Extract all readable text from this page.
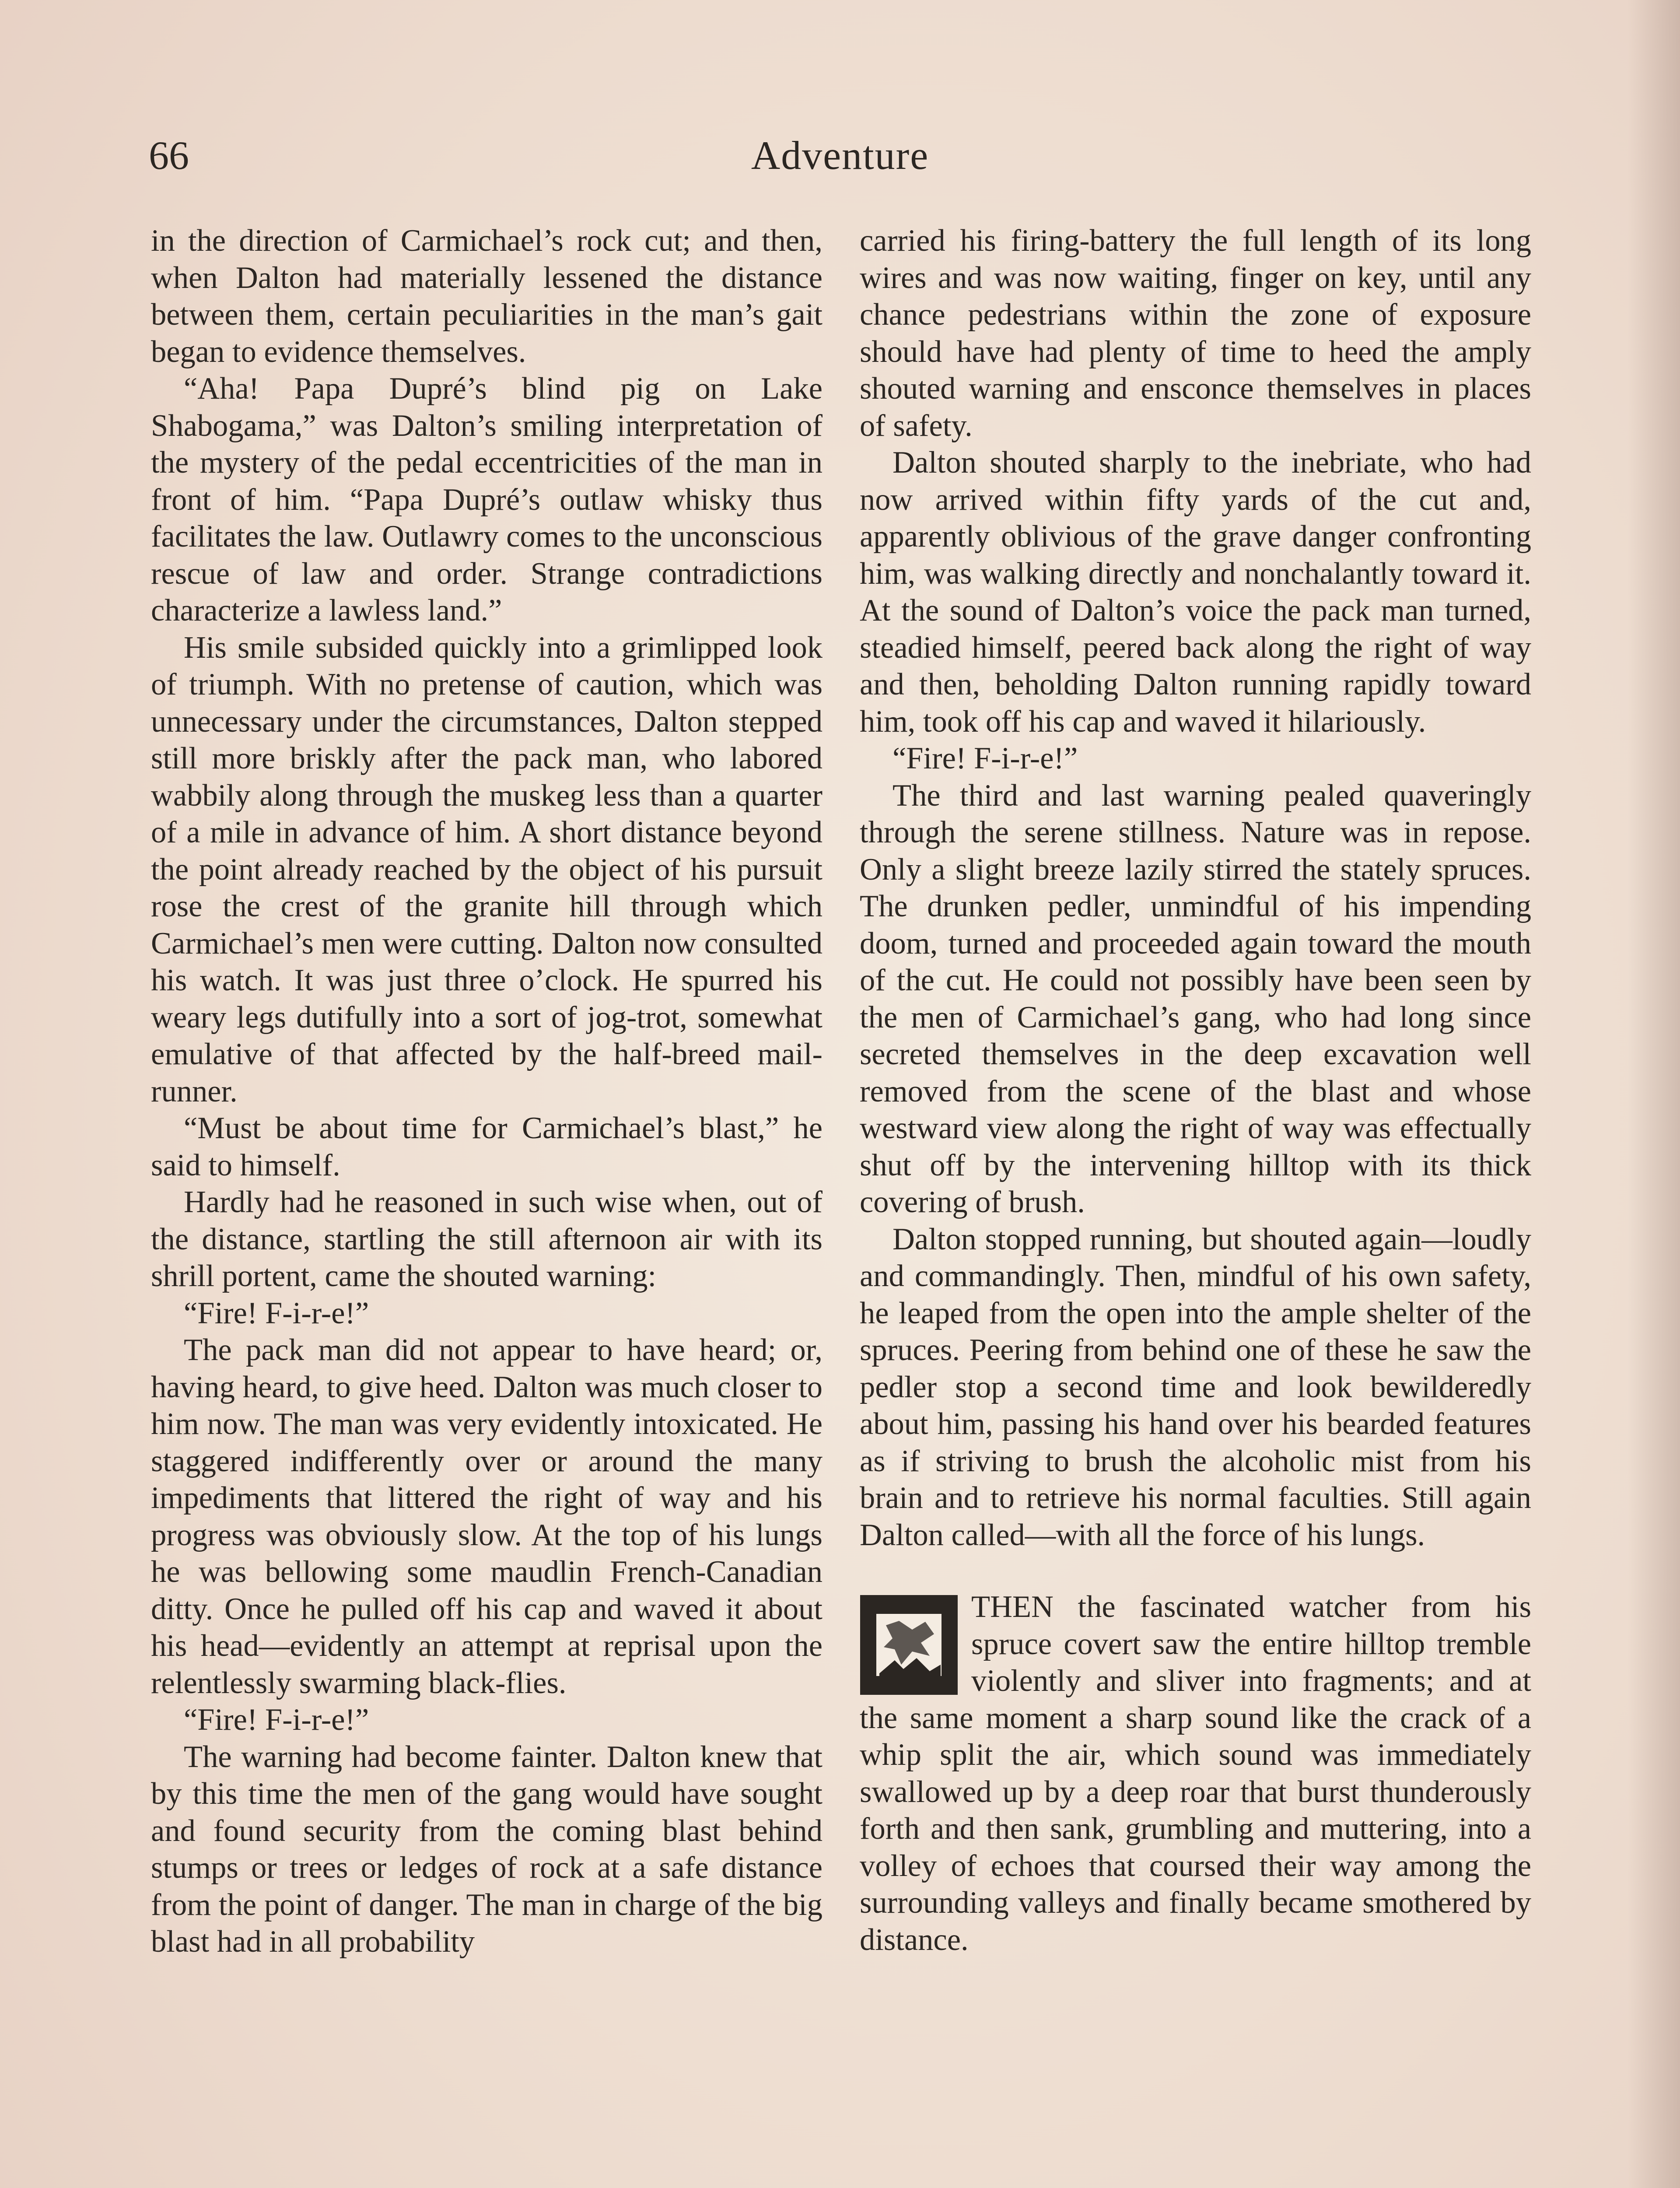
66	Adventure

in the direction of Carmichael’s rock cut; and then, when Dalton had materially lessened the distance between them, certain peculiarities in the man’s gait began to evidence themselves.

“Aha! Papa Dupré’s blind pig on Lake Shabogama,” was Dalton’s smiling interpretation of the mystery of the pedal eccentricities of the man in front of him. “Papa Dupré’s outlaw whisky thus facilitates the law. Outlawry comes to the unconscious rescue of law and order. Strange contradictions characterize a lawless land.”

His smile subsided quickly into a grimlipped look of triumph. With no pretense of caution, which was unnecessary under the circumstances, Dalton stepped still more briskly after the pack man, who labored wabbily along through the muskeg less than a quarter of a mile in advance of him. A short distance beyond the point already reached by the object of his pursuit rose the crest of the granite hill through which Carmichael’s men were cutting. Dalton now consulted his watch. It was just three o’clock. He spurred his weary legs dutifully into a sort of jog-trot, somewhat emulative of that affected by the half-breed mail-runner.

“Must be about time for Carmichael’s blast,” he said to himself.

Hardly had he reasoned in such wise when, out of the distance, startling the still afternoon air with its shrill portent, came the shouted warning:

“Fire! F-i-r-e!”

The pack man did not appear to have heard; or, having heard, to give heed. Dalton was much closer to him now. The man was very evidently intoxicated. He staggered indifferently over or around the many impediments that littered the right of way and his progress was obviously slow. At the top of his lungs he was bellowing some maudlin French-Canadian ditty. Once he pulled off his cap and waved it about his head—evidently an attempt at reprisal upon the relentlessly swarming black-flies.

“Fire! F-i-r-e!”

The warning had become fainter. Dalton knew that by this time the men of the gang would have sought and found security from the coming blast behind stumps or trees or ledges of rock at a safe distance from the point of danger. The man in charge of the big blast had in all probability

carried his firing-battery the full length of its long wires and was now waiting, finger on key, until any chance pedestrians within the zone of exposure should have had plenty of time to heed the amply shouted warning and ensconce themselves in places of safety.

Dalton shouted sharply to the inebriate, who had now arrived within fifty yards of the cut and, apparently oblivious of the grave danger confronting him, was walking directly and nonchalantly toward it. At the sound of Dalton’s voice the pack man turned, steadied himself, peered back along the right of way and then, beholding Dalton running rapidly toward him, took off his cap and waved it hilariously.

“Fire! F-i-r-e!”

The third and last warning pealed quaveringly through the serene stillness. Nature was in repose. Only a slight breeze lazily stirred the stately spruces. The drunken pedler, unmindful of his impending doom, turned and proceeded again toward the mouth of the cut. He could not possibly have been seen by the men of Carmichael’s gang, who had long since secreted themselves in the deep excavation well removed from the scene of the blast and whose westward view along the right of way was effectually shut off by the intervening hilltop with its thick covering of brush.

Dalton stopped running, but shouted again—loudly and commandingly. Then, mindful of his own safety, he leaped from the open into the ample shelter of the spruces. Peering from behind one of these he saw the pedler stop a second time and look bewilderedly about him, passing his hand over his bearded features as if striving to brush the alcoholic mist from his brain and to retrieve his normal faculties. Still again Dalton called—with all the force of his lungs.

THEN the fascinated watcher from his spruce covert saw the entire hilltop tremble violently and sliver into fragments; and at the same moment a sharp sound like the crack of a whip split the air, which sound was immediately swallowed up by a deep roar that burst thunderously forth and then sank, grumbling and muttering, into a volley of echoes that coursed their way among the surrounding valleys and finally became smothered by distance.
